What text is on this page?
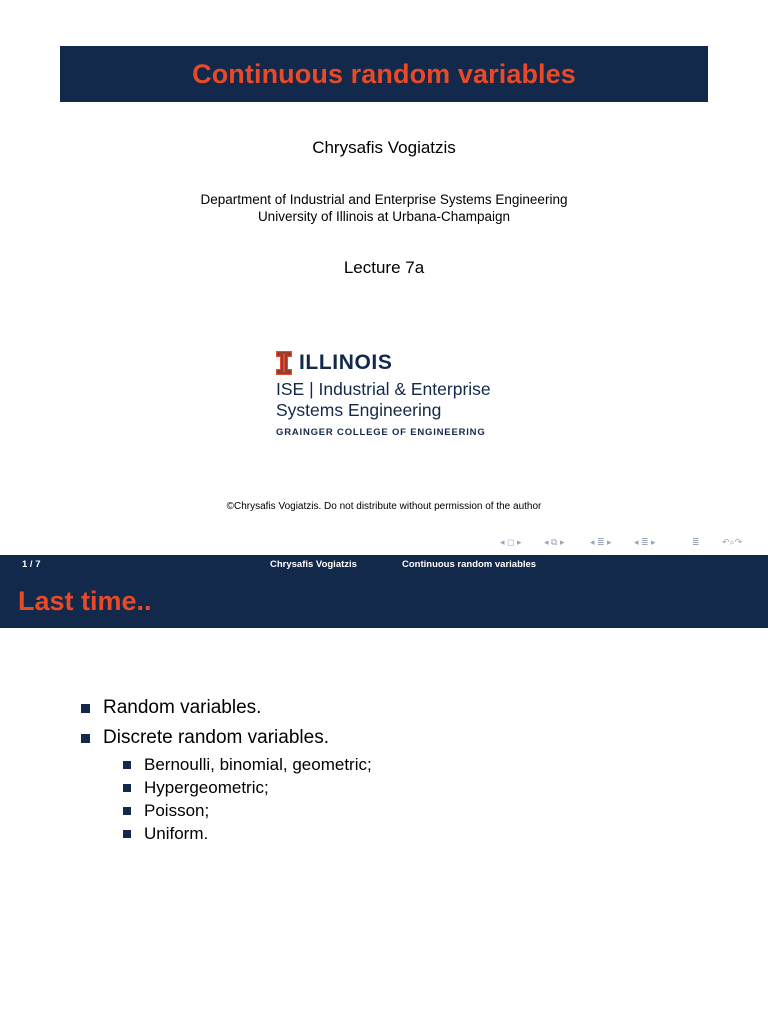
Continuous random variables
Chrysafis Vogiatzis
Department of Industrial and Enterprise Systems Engineering
University of Illinois at Urbana-Champaign
Lecture 7a
ILLINOIS
ISE | Industrial & Enterprise
Systems Engineering
GRAINGER COLLEGE OF ENGINEERING
©Chrysafis Vogiatzis. Do not distribute without permission of the author
◂ ◻ ▸ ◂ ⧉ ▸	◂ ≣ ▸ ◂ ≣ ▸	≣ ↶⌕↷
1 / 7	Chrysafis Vogiatzis	Continuous random variables
Last time..
Random variables.
Discrete random variables.
Bernoulli, binomial, geometric;
Hypergeometric;
Poisson;
Uniform.
